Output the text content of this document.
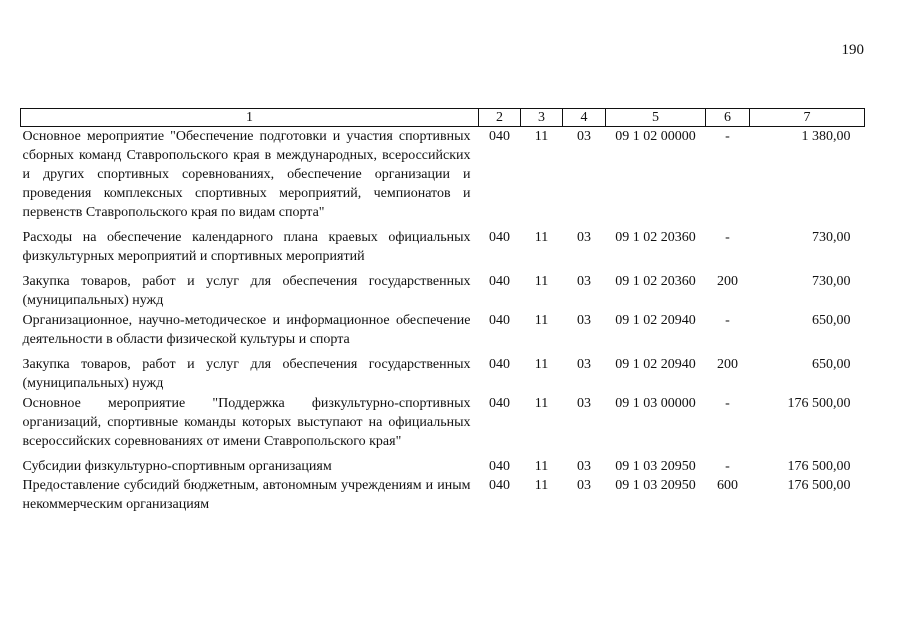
190
1	2	3	4	5	6	7
Основное мероприятие "Обеспечение подготовки и участия спортивных сборных команд Ставропольского края в международных, всероссийских и других спортивных соревнованиях, обеспечение организации и проведения комплексных спортивных мероприятий, чемпионатов и первенств Ставропольского края по видам спорта"	040	11	03	09 1 02 00000	-	1 380,00
Расходы на обеспечение календарного плана краевых официальных физкультурных мероприятий и спортивных мероприятий	040	11	03	09 1 02 20360	-	730,00
Закупка товаров, работ и услуг для обеспечения государственных (муниципальных) нужд	040	11	03	09 1 02 20360	200	730,00
Организационное, научно-методическое и информационное обеспечение деятельности в области физической культуры и спорта	040	11	03	09 1 02 20940	-	650,00
Закупка товаров, работ и услуг для обеспечения государственных (муниципальных) нужд	040	11	03	09 1 02 20940	200	650,00
Основное мероприятие "Поддержка физкультурно-спортивных организаций, спортивные команды которых выступают на официальных всероссийских соревнованиях от имени Ставропольского края"	040	11	03	09 1 03 00000	-	176 500,00
Субсидии физкультурно-спортивным организациям	040	11	03	09 1 03 20950	-	176 500,00
Предоставление субсидий бюджетным, автономным учреждениям и иным некоммерческим организациям	040	11	03	09 1 03 20950	600	176 500,00
